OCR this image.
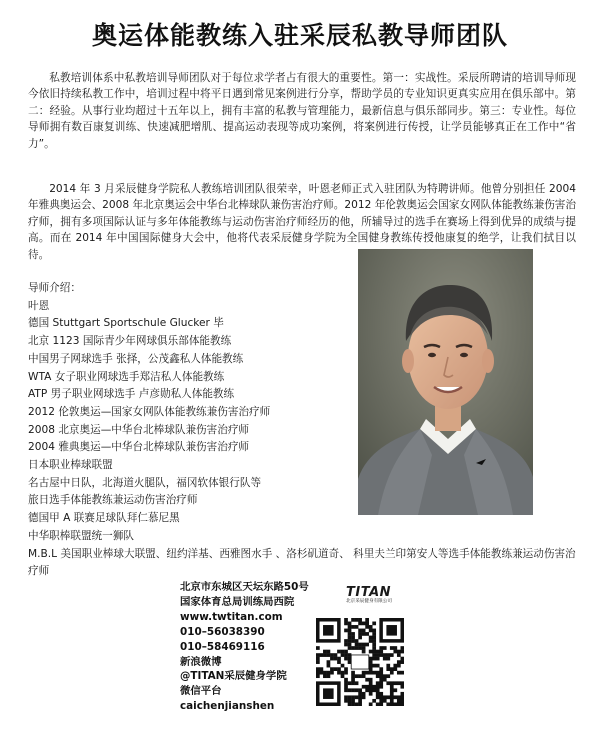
奥运体能教练入驻采辰私教导师团队

私教培训体系中私教培训导师团队对于每位求学者占有很大的重要性。第一：实战性。采辰所聘请的培训导师现今依旧持续私教工作中，培训过程中将平日遇到常见案例进行分享，帮助学员的专业知识更真实应用在俱乐部中。第二：经验。从事行业均超过十五年以上，拥有丰富的私教与管理能力，最新信息与俱乐部同步。第三：专业性。每位导师拥有数百康复训练、快速减肥增肌、提高运动表现等成功案例，将案例进行传授，让学员能够真正在工作中“省力”。

2014 年 3 月采辰健身学院私人教练培训团队很荣幸，叶恩老师正式入驻团队为特聘讲师。他曾分别担任 2004 年雅典奥运会、2008 年北京奥运会中华台北棒球队兼伤害治疗师。2012 年伦敦奥运会国家女网队体能教练兼伤害治疗师，拥有多项国际认证与多年体能教练与运动伤害治疗师经历的他，所辅导过的选手在赛场上得到优异的成绩与提高。而在 2014 年中国国际健身大会中，他将代表采辰健身学院为全国健身教练传授他康复的绝学，让我们拭目以待。

导师介绍：
叶恩
德国 Stuttgart Sportschule Glucker 毕
北京 1123 国际青少年网球俱乐部体能教练
中国男子网球选手 张择，公茂鑫私人体能教练
WTA 女子职业网球选手郑洁私人体能教练
ATP 男子职业网球选手 卢彦勋私人体能教练
2012 伦敦奥运—国家女网队体能教练兼伤害治疗师
2008 北京奥运—中华台北棒球队兼伤害治疗师
2004 雅典奥运—中华台北棒球队兼伤害治疗师
日本职业棒球联盟
名古屋中日队，北海道火腿队，福冈软体银行队等
旅日选手体能教练兼运动伤害治疗师
德国甲 A 联赛足球队拜仁慕尼黑
中华职棒联盟统一狮队
M.B.L 美国职业棒球大联盟、纽约洋基、西雅图水手 、洛杉矶道奇、 科里夫兰印第安人等选手体能教练兼运动伤害治疗师
北京市东城区天坛东路50号
国家体育总局训练局西院
www.twtitan.com
010–56038390
010–58469116
新浪微博
@TITAN采辰健身学院
微信平台
caichenjianshen
TITAN
北京采辰健身有限公司
